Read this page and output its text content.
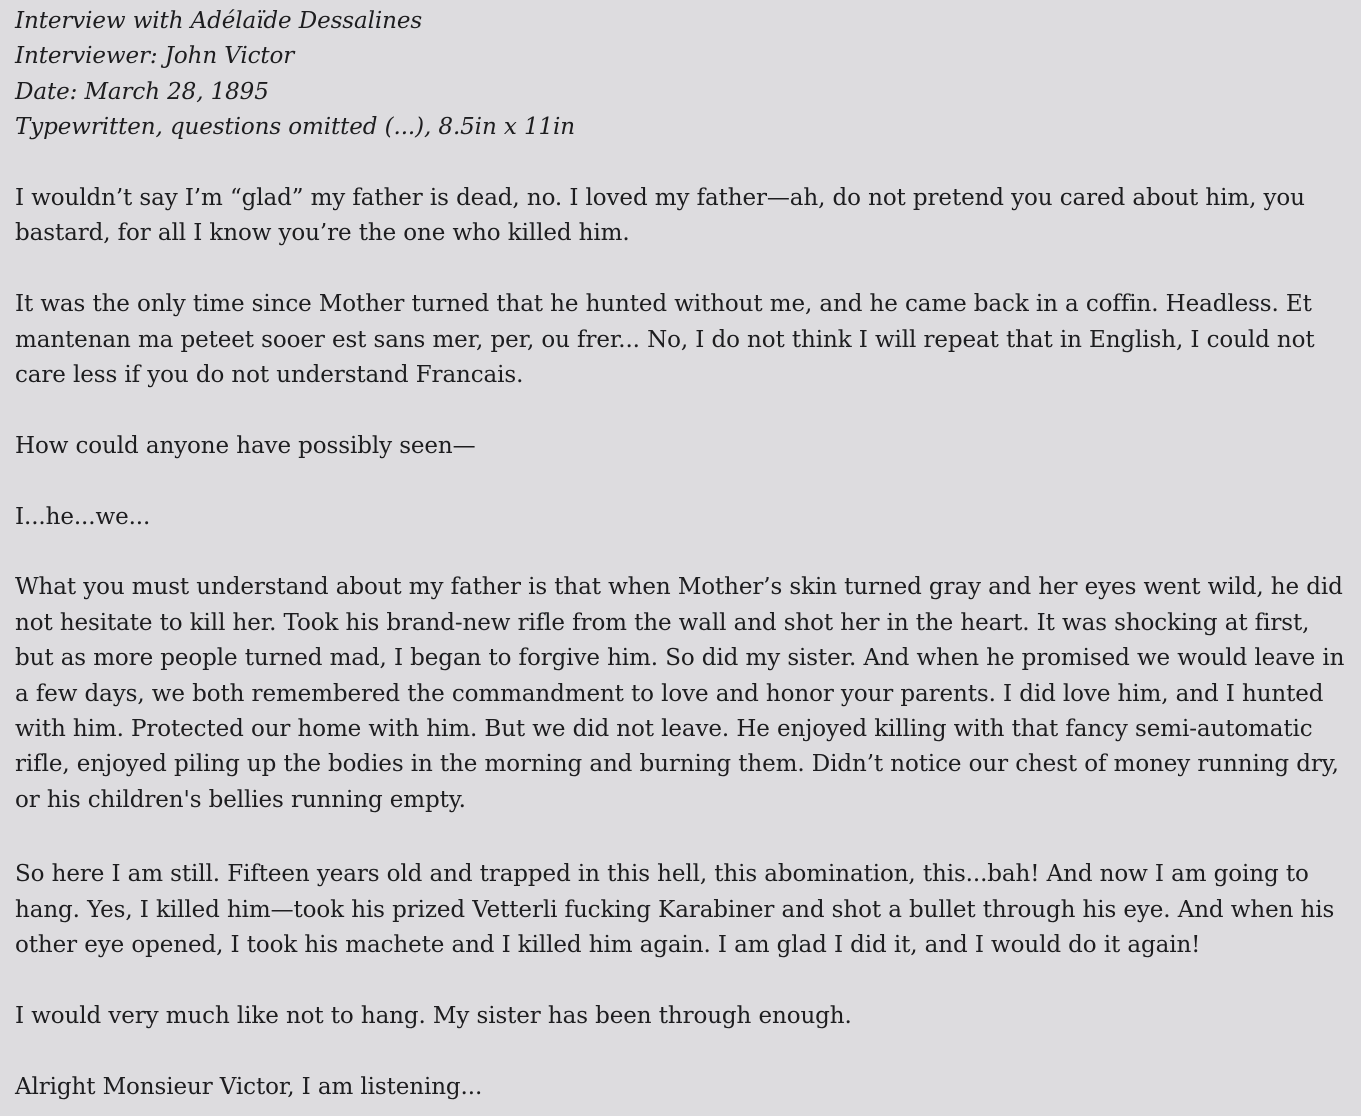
Interview with Adélaïde Dessalines

Interviewer: John Victor

Date: March 28, 1895

Typewritten, questions omitted (...), 8.5in x 11in

I wouldn’t say I’m “glad” my father is dead, no. I loved my father—ah, do not pretend you cared about him, you bastard, for all I know you’re the one who killed him.

It was the only time since Mother turned that he hunted without me, and he came back in a coffin. Headless. Et mantenan ma peteet sooer est sans mer, per, ou frer... No, I do not think I will repeat that in English, I could not care less if you do not understand Francais.

How could anyone have possibly seen—

I...he...we...

What you must understand about my father is that when Mother’s skin turned gray and her eyes went wild, he did not hesitate to kill her. Took his brand-new rifle from the wall and shot her in the heart. It was shocking at first, but as more people turned mad, I began to forgive him. So did my sister. And when he promised we would leave in a few days, we both remembered the commandment to love and honor your parents. I did love him, and I hunted with him. Protected our home with him. But we did not leave. He enjoyed killing with that fancy semi-automatic rifle, enjoyed piling up the bodies in the morning and burning them. Didn’t notice our chest of money running dry, or his children's bellies running empty.

So here I am still. Fifteen years old and trapped in this hell, this abomination, this...bah! And now I am going to hang. Yes, I killed him—took his prized Vetterli fucking Karabiner and shot a bullet through his eye. And when his other eye opened, I took his machete and I killed him again. I am glad I did it, and I would do it again!

I would very much like not to hang. My sister has been through enough.

Alright Monsieur Victor, I am listening...
